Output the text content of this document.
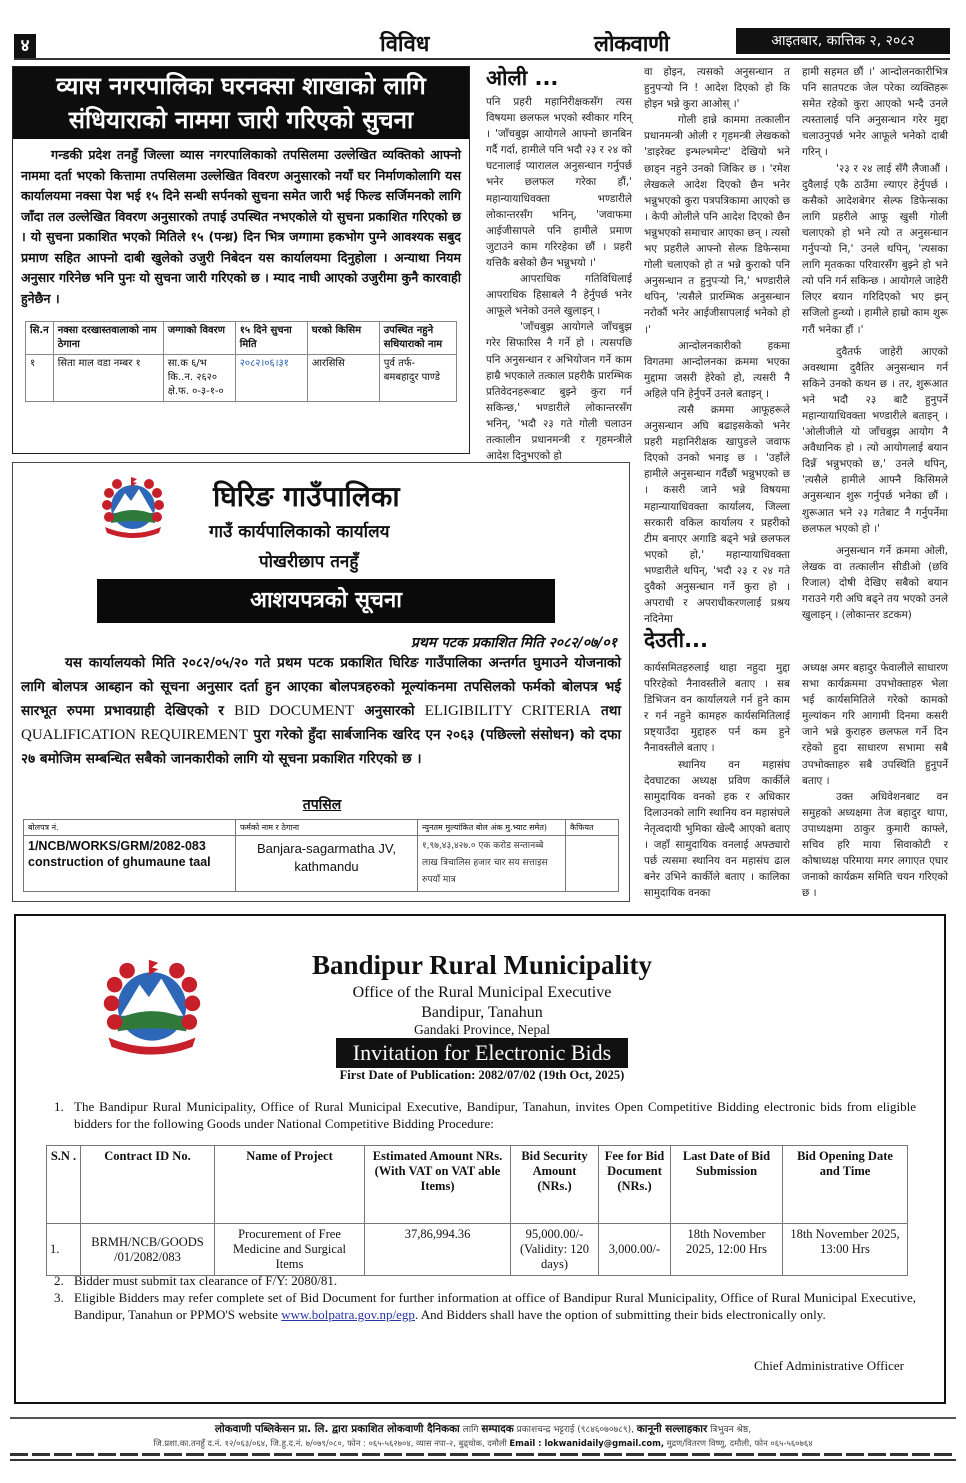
४	विविध	लोकवाणी	आइतबार, कात्तिक २, २०८२
व्यास नगरपालिका घरनक्सा शाखाको लागि
संधियाराको नाममा जारी गरिएको सुचना
गन्डकी प्रदेश तनहुँ जिल्ला व्यास नगरपालिकाको तपसिलमा उल्लेखित व्यक्तिको आफ्नो नाममा दर्ता भएको कित्तामा तपसिलमा उल्लेखित विवरण अनुसारको नयाँ घर निर्माणकोलागि यस कार्यालयमा नक्सा पेश भई १५ दिने सन्धी सर्पनको सुचना समेत जारी भई फिल्ड सर्जिमनको लागि जाँदा तल उल्लेखित विवरण अनुसारको तपाई उपस्थित नभएकोले यो सुचना प्रकाशित गरिएको छ । यो सुचना प्रकाशित भएको मितिले १५ (पन्ध्र) दिन भित्र जग्गामा हकभोग पुग्ने आवश्यक सबुद प्रमाण सहित आफ्नो दाबी खुलेको उजुरी निबेदन यस कार्यालयमा दिनुहोला । अन्याथा नियम अनुसार गरिनेछ भनि पुनः यो सुचना जारी गरिएको छ । म्याद नाघी आएको उजुरीमा कुनै कारवाही हुनेछैन ।
सि.न	नक्सा दरखास्तवालाको नाम ठेगाना	जग्गाको विवरण	१५ दिने सुचना मिति	घरको किसिम	उपस्थित नहुने सधियाराको नाम
१	सिता माल वडा नम्बर १	सा.क ६/भ कि..न. २६२० क्षे.फ. ०-३-१-०	२०८२।०६।३१	आरसिसि	पुर्व तर्फ- बमबहादुर पाण्डे
ओली ...

पनि प्रहरी महानिरीक्षकसँग त्यस विषयमा छलफल भएको स्वीकार गरिन् । 'जाँचबुझ आयोगले आफ्नो छानबिन गर्दै गर्दा, हामीले पनि भदौ २३ र २४ को घटनालाई प्यारालल अनुसन्धान गर्नुपर्छ भनेर छलफल गरेका हौं,' महान्यायाधिवक्ता भण्डारीले लोकान्तरसँग भनिन्, 'जवाफमा आईजीसापले पनि हामीले प्रमाण जुटाउने काम गरिरहेका छौं । प्रहरी यत्तिकै बसेको छैन भन्नुभयो ।'

आपराधिक गतिविधिलाई आपराधिक हिसाबले नै हेर्नुपर्छ भनेर आफूले भनेको उनले खुलाइन् ।

'जाँचबुझ आयोगले जाँचबुझ गरेर सिफारिस नै गर्ने हो । त्यसपछि पनि अनुसन्धान र अभियोजन गर्ने काम हाम्रै भएकाले तत्काल प्रहरीकै प्रारम्भिक प्रतिवेदनहरूबाट बुझ्ने कुरा गर्न सकिन्छ,' भण्डारीले लोकान्तरसँग भनिन्, 'भदौ २३ गते गोली चलाउन तत्कालीन प्रधानमन्त्री र गृहमन्त्रीले आदेश दिनुभएको हो

वा होइन, त्यसको अनुसन्धान त हुनुपर्‍यो नि ! आदेश दिएको हो कि होइन भन्ने कुरा आओस् ।'

गोली हान्ने काममा तत्कालीन प्रधानमन्त्री ओली र गृहमन्त्री लेखकको 'डाइरेक्ट इन्भल्भमेन्ट' देखियो भने छाड्न नहुने उनको जिकिर छ । 'रमेश लेखकले आदेश दिएको छैन भनेर भन्नुभएको कुरा पत्रपत्रिकामा आएको छ । केपी ओलीले पनि आदेश दिएको छैन भन्नुभएको समाचार आएका छन् । त्यसो भए प्रहरीले आफ्नो सेल्फ डिफेन्समा गोली चलाएको हो त भन्ने कुराको पनि अनुसन्धान त हुनुपर्‍यो नि,' भण्डारीले थपिन्, 'त्यसैले प्रारम्भिक अनुसन्धान नरोकौं भनेर आईजीसापलाई भनेको हो ।'

आन्दोलनकारीको हकमा विगतमा आन्दोलनका क्रममा भएका मुद्दामा जसरी हेरेको हो, त्यसरी नै अहिले पनि हेर्नुपर्ने उनले बताइन् ।

त्यसै क्रममा आफूहरूले अनुसन्धान अघि बढाइसकेको भनेर प्रहरी महानिरीक्षक खापुङले जवाफ दिएको उनको भनाइ छ । 'उहाँले हामीले अनुसन्धान गर्दैछौं भन्नुभएको छ । कसरी जाने भन्ने विषयमा महान्यायाधिवक्ता कार्यालय, जिल्ला सरकारी वकिल कार्यालय र प्रहरीको टीम बनाएर अगाडि बढ्ने भन्ने छलफल भएको हो,' महान्यायाधिवक्ता भण्डारीले थपिन्, 'भदौ २३ र २४ गते दुवैको अनुसन्धान गर्ने कुरा हो । अपराधी र अपराधीकरणलाई प्रश्रय नदिनेमा

हामी सहमत छौं ।' आन्दोलनकारीभित्र पनि सातपटक जेल परेका व्यक्तिहरू समेत रहेको कुरा आएको भन्दै उनले त्यस्तालाई पनि अनुसन्धान गरेर मुद्दा चलाउनुपर्छ भनेर आफूले भनेको दाबी गरिन् ।

'२३ र २४ लाई सँगै लैजाऔं । दुवैलाई एकै ठाउँमा ल्याएर हेर्नुपर्छ । कसैको आदेशबेगर सेल्फ डिफेन्सका लागि प्रहरीले आफू खुसी गोली चलाएको हो भने त्यो त अनुसन्धान गर्नुपर्‍यो नि,' उनले थपिन्, 'त्यसका लागि मृतकका परिवारसँग बुझ्ने हो भने त्यो पनि गर्न सकिन्छ । आयोगले जाहेरी लिएर बयान गरिदिएको भए झन् सजिलो हुन्थ्यो । हामीले हाम्रो काम शुरू गरौं भनेका हौं ।'

दुवैतर्फ जाहेरी आएको अवस्थामा दुवैतिर अनुसन्धान गर्न सकिने उनको कथन छ । तर, शुरूआत भने भदौ २३ बाटै हुनुपर्ने महान्यायाधिवक्ता भण्डारीले बताइन् । 'ओलीजीले यो जाँचबुझ आयोग नै अवैधानिक हो । त्यो आयोगलाई बयान दिन्नँ भन्नुभएको छ,' उनले थपिन्, 'त्यसैले हामीले आफ्नै किसिमले अनुसन्धान शुरू गर्नुपर्छ भनेका छौं । शुरूआत भने २३ गतेबाट नै गर्नुपर्नेमा छलफल भएको हो ।'

अनुसन्धान गर्ने क्रममा ओली, लेखक वा तत्कालीन सीडीओ (छवि रिजाल) दोषी देखिए सबैको बयान गराउने गरी अघि बढ्ने तय भएको उनले खुलाइन् । (लोकान्तर डटकम)

घिरिङ गाउँपालिका
गाउँ कार्यपालिकाको कार्यालय
पोखरीछाप तनहुँ
आशयपत्रको सूचना
प्रथम पटक प्रकाशित मिति २०८२/०७/०१
यस कार्यालयको मिति २०८२/०५/२० गते प्रथम पटक प्रकाशित घिरिङ गाउँपालिका अन्तर्गत घुमाउने योजनाको लागि बोलपत्र आब्हान को सूचना अनुसार दर्ता हुन आएका बोलपत्रहरुको मूल्यांकनमा तपसिलको फर्मको बोलपत्र भई सारभूत रुपमा प्रभावग्राही देखिएको र BID DOCUMENT अनुसारको ELIGIBILITY CRITERIA तथा QUALIFICATION REQUIREMENT पुरा गरेको हुँदा सार्बजानिक खरिद एन २०६३ (पछिल्लो संसोधन) को दफा २७ बमोजिम सम्बन्धित सबैको जानकारीको लागि यो सूचना प्रकाशित गरिएको छ ।
तपसिल
बोलपत्र नं.	फर्मको नाम र ठेगाना	न्युनतम मुल्यांकित बोल अंक मु.भ्याट समेत)	कैफियत

1/NCB/WORKS/GRM/2082-083
construction of ghumaune taal	Banjara-sagarmatha JV, kathmandu	१,९७,४३,४२७.० एक करोड सन्तानब्बे लाख त्रिचालिस हजार चार सय सत्ताइस रुपयाँ मात्र	
देउती...

कार्यसमितहरुलाई थाहा नहुदा मुद्दा परिरहेको नैनावस्तीले बताए । सब डिभिजन वन कार्यालयले गर्न हुने काम र गर्न नहुने कामहरु कार्यसमितिलाई प्रष्ट्याउँदा मुद्दाहरु पर्न कम हुने नैनावस्तीले बताए ।

स्थानिय वन महासंघ देवघाटका अध्यक्ष प्रविण कार्कीले सामुदायिक वनको हक र अधिकार दिलाउनको लागि स्थानिय वन महासंघले नेतृत्वदायी भुमिका खेल्दै आएको बताए । जहाँ सामुदायिक वनलाई अफ्ठ्यारो पर्छ त्यसमा स्थानिय वन महासंघ ढाल बनेर उभिने कार्कीले बताए । कालिका सामुदायिक वनका

अध्यक्ष अमर बहादुर फेवालीले साधारण सभा कार्यक्रममा उपभोक्ताहरु भेला भई कार्यसमितिले गरेको कामको मुल्यांकन गरि आगामी दिनमा कसरी जाने भन्ने कुराहरु छलफल गर्ने दिन रहेको हुदा साधारण सभामा सबै उपभोक्ताहरु सबै उपस्थिति हुनुपर्ने बताए ।

उक्त अधिवेशनबाट वन समुहको अध्यक्षमा तेज बहादुर थापा, उपाध्यक्षमा ठाकुर कुमारी काफ्ले, सचिव हरि माया सिवाकोटी र कोषाध्यक्ष परिमाया मगर लगाएत एघार जनाको कार्यक्रम समिति चयन गरिएको छ ।

Bandipur Rural Municipality
Office of the Rural Municipal Executive
Bandipur, Tanahun
Gandaki Province, Nepal
Invitation for Electronic Bids
First Date of Publication: 2082/07/02 (19th Oct, 2025)
1. The Bandipur Rural Municipality, Office of Rural Municipal Executive, Bandipur, Tanahun, invites Open Competitive Bidding electronic bids from eligible bidders for the following Goods under National Competitive Bidding Procedure:
S.N .	Contract ID No.	Name of Project	Estimated Amount NRs. (With VAT on VAT able Items)	Bid Security Amount (NRs.)	Fee for Bid Document (NRs.)	Last Date of Bid Submission	Bid Opening Date and Time
1.	BRMH/NCB/GOODS /01/2082/083	Procurement of Free Medicine and Surgical Items	37,86,994.36	95,000.00/- (Validity: 120 days)	3,000.00/-	18th November 2025, 12:00 Hrs	18th November 2025, 13:00 Hrs
2. Bidder must submit tax clearance of F/Y: 2080/81.
3. Eligible Bidders may refer complete set of Bid Document for further information at office of Bandipur Rural Municipality, Office of Rural Municipal Executive, Bandipur, Tanahun or PPMO'S website www.bolpatra.gov.np/egp. And Bidders shall have the option of submitting their bids electronically only.
Chief Administrative Officer
लोकवाणी पब्लिकेसन प्रा. लि. द्वारा प्रकाशित लोकवाणी दैनिकका लागि सम्पादक प्रकाशचन्द्र भट्टराई (९८४६०७०७८९), कानूनी सल्लाहकार त्रिभुवन श्रेष्ठ,
जि.प्रशा.का.तनहुँ द.नं. १२/०६३/०६४, जि.हु.द.नं. ७/०७९/०८०, फोन : ०६५-५६२७०४, व्यास नपा-२, बुढ्चोक, दमौली Email : lokwanidaily@gmail.com, मुद्रण/वितरण विष्णु, दमौली, फोन ०६५-५६०७६४
